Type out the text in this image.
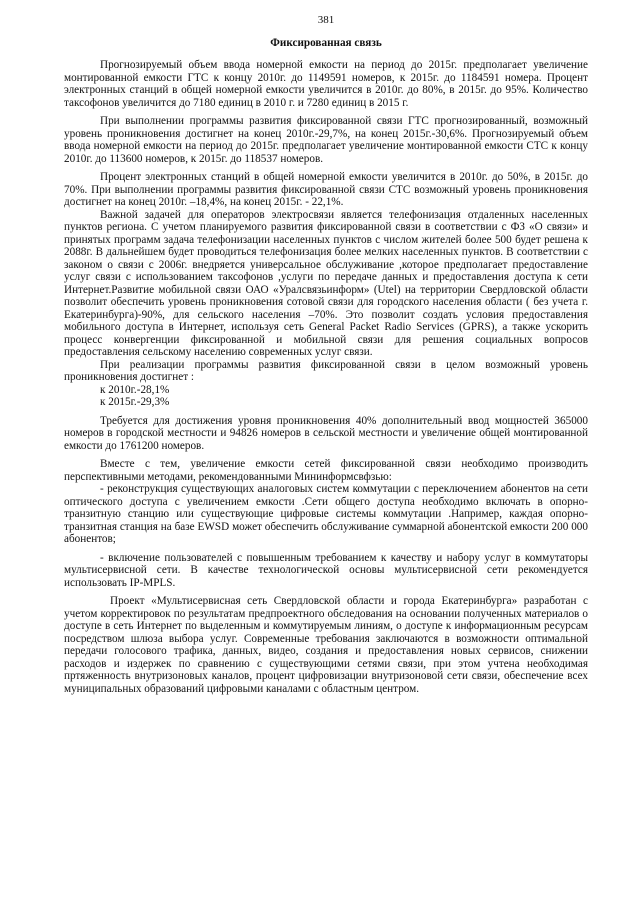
381
Фиксированная связь

Прогнозируемый объем ввода номерной емкости на период до 2015г. предполагает увеличение монтированной емкости ГТС к концу 2010г. до 1149591 номеров, к 2015г. до 1184591 номера. Процент электронных станций в общей номерной емкости увеличится в 2010г. до 80%, в 2015г. до 95%. Количество таксофонов увеличится до 7180 единиц в 2010 г. и 7280 единиц в 2015 г.

При выполнении программы развития фиксированной связи ГТС прогнозированный, возможный уровень проникновения достигнет на конец 2010г.-29,7%, на конец 2015г.-30,6%. Прогнозируемый объем ввода номерной емкости на период до 2015г. предполагает увеличение монтированной емкости СТС к концу 2010г. до 113600 номеров, к 2015г. до 118537 номеров.

Процент электронных станций в общей номерной емкости увеличится в 2010г. до 50%, в 2015г. до 70%. При выполнении программы развития фиксированной связи СТС возможный уровень проникновения достигнет на конец 2010г. –18,4%, на конец 2015г. - 22,1%.

Важной задачей для операторов электросвязи является телефонизация отдаленных населенных пунктов региона. С учетом планируемого развития фиксированной связи в соответствии с ФЗ «О связи» и принятых программ задача телефонизации населенных пунктов с числом жителей более 500 будет решена к 2088г. В дальнейшем будет проводиться телефонизация более мелких населенных пунктов. В соответствии с законом о связи с 2006г. внедряется универсальное обслуживание ,которое предполагает предоставление услуг связи с использованием таксофонов ,услуги по передаче данных и предоставления доступа к сети Интернет.Развитие мобильной связи ОАО «Уралсвязьинформ» (Utel) на территории Свердловской области позволит обеспечить уровень проникновения сотовой связи для городского населения области ( без учета г. Екатеринбурга)-90%, для сельского населения –70%. Это позволит создать условия предоставления мобильного доступа в Интернет, используя сеть General Packet Radio Services (GPRS), а также ускорить процесс конвергенции фиксированной и мобильной связи для решения социальных вопросов предоставления сельскому населению современных услуг связи.

При реализации программы развития фиксированной связи в целом возможный уровень проникновения достигнет :

к 2010г.-28,1%

к 2015г.-29,3%

Требуется для достижения уровня проникновения 40% дополнительный ввод мощностей 365000 номеров в городской местности и 94826 номеров в сельской местности и увеличение общей монтированной емкости до 1761200 номеров.

Вместе с тем, увеличение емкости сетей фиксированной связи необходимо производить перспективными методами, рекомендованными Мининформсвфзью:

- реконструкция существующих аналоговых систем коммутации с переключением абонентов на сети оптического доступа с увеличением емкости .Сети общего доступа необходимо включать в опорно-транзитную станцию или существующие цифровые системы коммутации .Например, каждая опорно-транзитная станция на базе EWSD может обеспечить обслуживание суммарной абонентской емкости 200 000 абонентов;

- включение пользователей с повышенным требованием к качеству и набору услуг в коммутаторы мультисервисной сети. В качестве технологической основы мультисервисной сети рекомендуется использовать IP-MPLS.

Проект «Мультисервисная сеть Свердловской области и города Екатеринбурга» разработан с учетом корректировок по результатам предпроектного обследования на основании полученных материалов о доступе в сеть Интернет по выделенным и коммутируемым линиям, о доступе к информационным ресурсам посредством шлюза выбора услуг. Современные требования заключаются в возможности оптимальной передачи голосового трафика, данных, видео, создания и предоставления новых сервисов, снижении расходов и издержек по сравнению с существующими сетями связи, при этом учтена необходимая пртяженность внутризоновых каналов, процент цифровизации внутризоновой сети связи, обеспечение всех муниципальных образований цифровыми каналами с областным центром.
